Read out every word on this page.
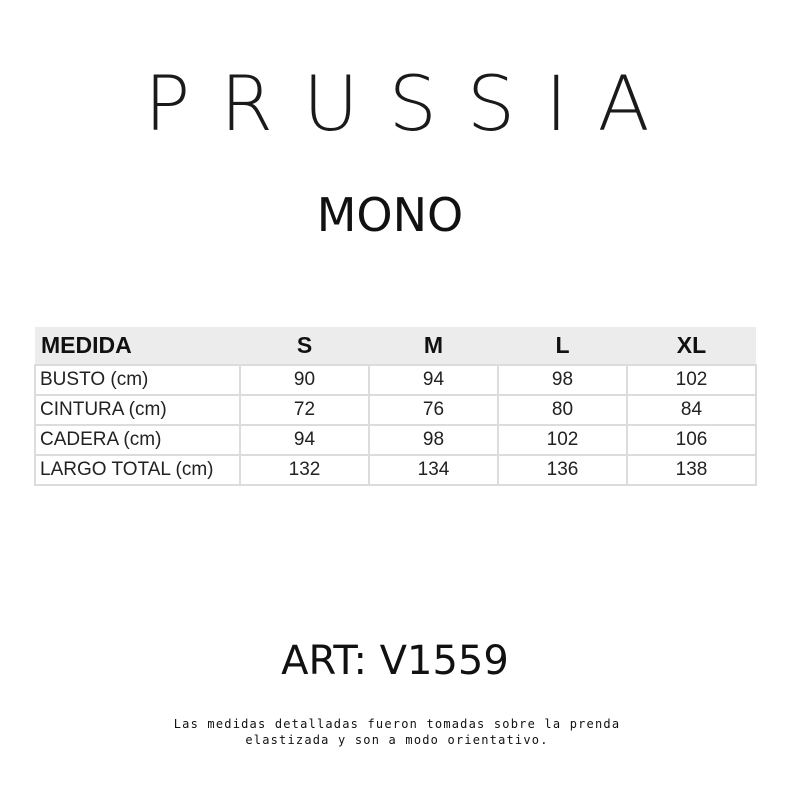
PRUSSIA
MONO
MEDIDA	S	M	L	XL
BUSTO (cm)	90	94	98	102
CINTURA (cm)	72	76	80	84
CADERA (cm)	94	98	102	106
LARGO TOTAL (cm)	132	134	136	138
ART: V1559
Las medidas detalladas fueron tomadas sobre la prenda
elastizada y son a modo orientativo.
